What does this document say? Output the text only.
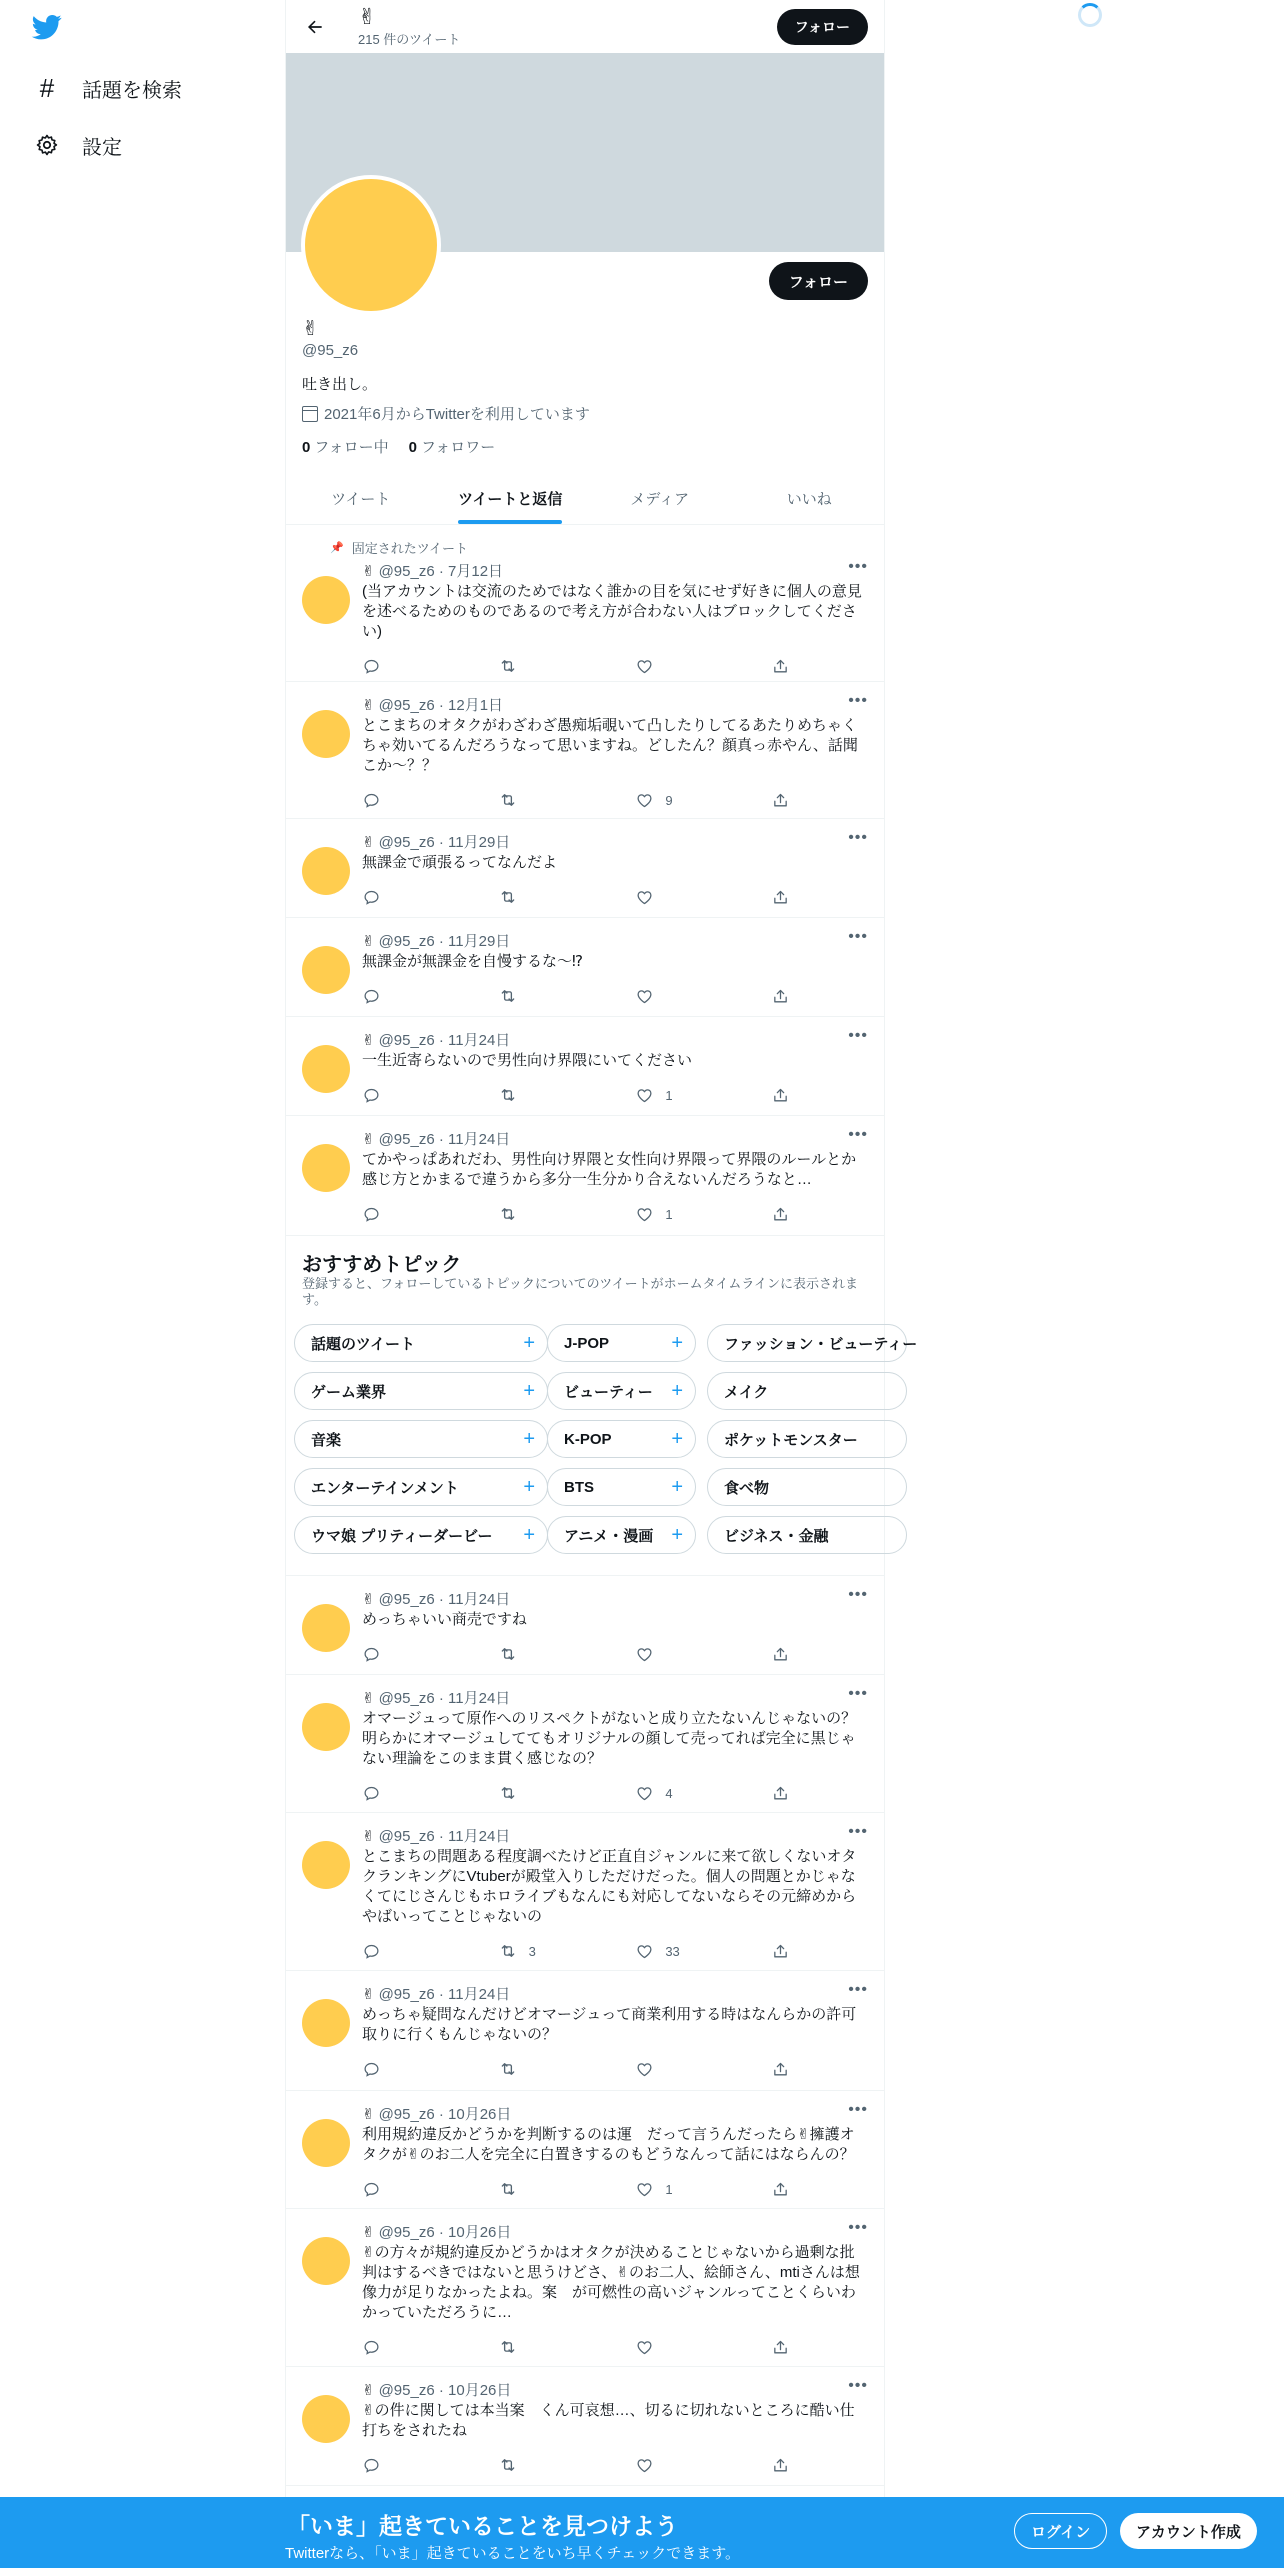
#	話題を検索
設定
✌
215 件のツイート
フォロー
フォロー
✌
@95_z6
吐き出し。
2021年6月からTwitterを利用しています
0 フォロー中 0 フォロワー
ツイート	ツイートと返信	メディア	いいね
📌 固定されたツイート
✌ @95_z6 · 7月12日	•••
(当アカウントは交流のためではなく誰かの目を気にせず好きに個人の意見を述べるためのものであるので考え方が合わない人はブロックしてください)
✌ @95_z6 · 12月1日	•••
とこまちのオタクがわざわざ愚痴垢覗いて凸したりしてるあたりめちゃくちゃ効いてるんだろうなって思いますね。どしたん？顔真っ赤やん、話聞こか〜？？
9
✌ @95_z6 · 11月29日	•••
無課金で頑張るってなんだよ
✌ @95_z6 · 11月29日	•••
無課金が無課金を自慢するな〜⁉
✌ @95_z6 · 11月24日	•••
一生近寄らないので男性向け界隈にいてください
1
✌ @95_z6 · 11月24日	•••
てかやっぱあれだわ、男性向け界隈と女性向け界隈って界隈のルールとか感じ方とかまるで違うから多分一生分かり合えないんだろうなと…
1
✌ @95_z6 · 11月24日	•••
めっちゃいい商売ですね
✌ @95_z6 · 11月24日	•••
オマージュって原作へのリスペクトがないと成り立たないんじゃないの？明らかにオマージュしててもオリジナルの顔して売ってれば完全に黒じゃない理論をこのまま貫く感じなの？
4
✌ @95_z6 · 11月24日	•••
とこまちの問題ある程度調べたけど正直自ジャンルに来て欲しくないオタクランキングにVtuberが殿堂入りしただけだった。個人の問題とかじゃなくてにじさんじもホロライブもなんにも対応してないならその元締めからやばいってことじゃないの
3	33
✌ @95_z6 · 11月24日	•••
めっちゃ疑問なんだけどオマージュって商業利用する時はなんらかの許可取りに行くもんじゃないの？
✌ @95_z6 · 10月26日	•••
利用規約違反かどうかを判断するのは運　だって言うんだったら✌擁護オタクが✌のお二人を完全に白置きするのもどうなんって話にはならんの？
1
✌ @95_z6 · 10月26日	•••
✌の方々が規約違反かどうかはオタクが決めることじゃないから過剰な批判はするべきではないと思うけどさ、✌のお二人、絵師さん、mtiさんは想像力が足りなかったよね。案　が可燃性の高いジャンルってことくらいわかっていただろうに…
✌ @95_z6 · 10月26日	•••
✌の件に関しては本当案　くん可哀想…、切るに切れないところに酷い仕打ちをされたね
おすすめトピック
登録すると、フォローしているトピックについてのツイートがホームタイムラインに表示されます。
話題のツイート	+ J-POP	+	ファッション・ビューティー
ゲーム業界	+ ビューティー +	メイク
音楽	+ K-POP	+	ポケットモンスター
エンターテインメント	+ BTS	+	食べ物
ウマ娘 プリティーダービー + アニメ・漫画 +	ビジネス・金融
「いま」起きていることを見つけよう
Twitterなら、「いま」起きていることをいち早くチェックできます。
ログイン	アカウント作成
